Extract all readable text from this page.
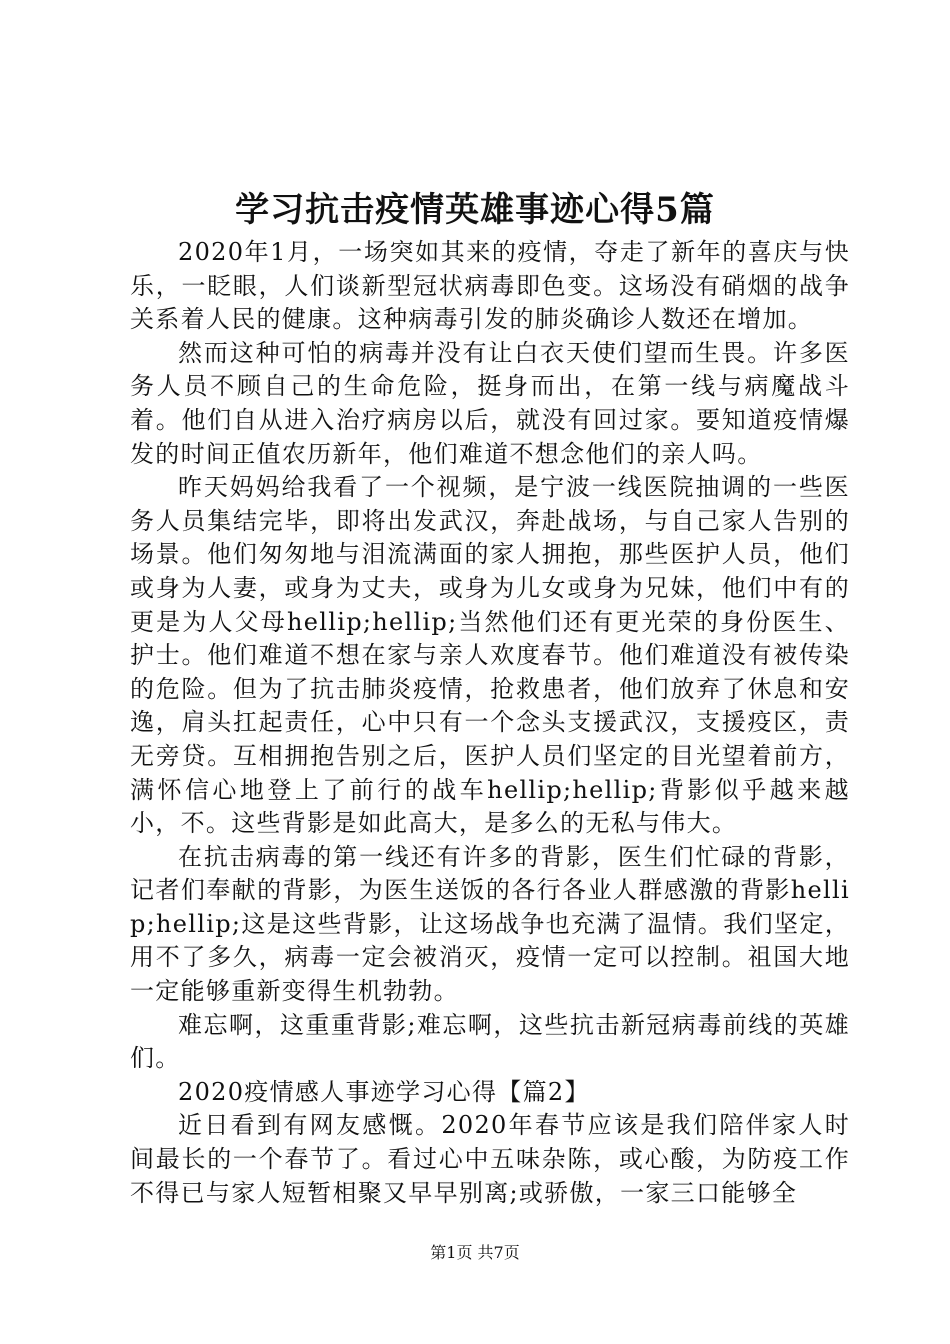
学习抗击疫情英雄事迹心得5篇

2020年1月，一场突如其来的疫情，夺走了新年的喜庆与快乐，一眨眼，人们谈新型冠状病毒即色变。这场没有硝烟的战争关系着人民的健康。这种病毒引发的肺炎确诊人数还在增加。

然而这种可怕的病毒并没有让白衣天使们望而生畏。许多医务人员不顾自己的生命危险，挺身而出，在第一线与病魔战斗着。他们自从进入治疗病房以后，就没有回过家。要知道疫情爆发的时间正值农历新年，他们难道不想念他们的亲人吗。

昨天妈妈给我看了一个视频，是宁波一线医院抽调的一些医务人员集结完毕，即将出发武汉，奔赴战场，与自己家人告别的场景。他们匆匆地与泪流满面的家人拥抱，那些医护人员，他们或身为人妻，或身为丈夫，或身为儿女或身为兄妹，他们中有的更是为人父母hellip;hellip;当然他们还有更光荣的身份医生、护士。他们难道不想在家与亲人欢度春节。他们难道没有被传染的危险。但为了抗击肺炎疫情，抢救患者，他们放弃了休息和安逸，肩头扛起责任，心中只有一个念头支援武汉，支援疫区，责无旁贷。互相拥抱告别之后，医护人员们坚定的目光望着前方，满怀信心地登上了前行的战车hellip;hellip;背影似乎越来越小，不。这些背影是如此高大，是多么的无私与伟大。

在抗击病毒的第一线还有许多的背影，医生们忙碌的背影，记者们奉献的背影，为医生送饭的各行各业人群感激的背影hellip;hellip;这是这些背影，让这场战争也充满了温情。我们坚定，用不了多久，病毒一定会被消灭，疫情一定可以控制。祖国大地一定能够重新变得生机勃勃。

难忘啊，这重重背影;难忘啊，这些抗击新冠病毒前线的英雄们。

2020疫情感人事迹学习心得【篇2】

近日看到有网友感慨。2020年春节应该是我们陪伴家人时间最长的一个春节了。看过心中五味杂陈，或心酸，为防疫工作不得已与家人短暂相聚又早早别离;或骄傲，一家三口能够全

第1页 共7页
